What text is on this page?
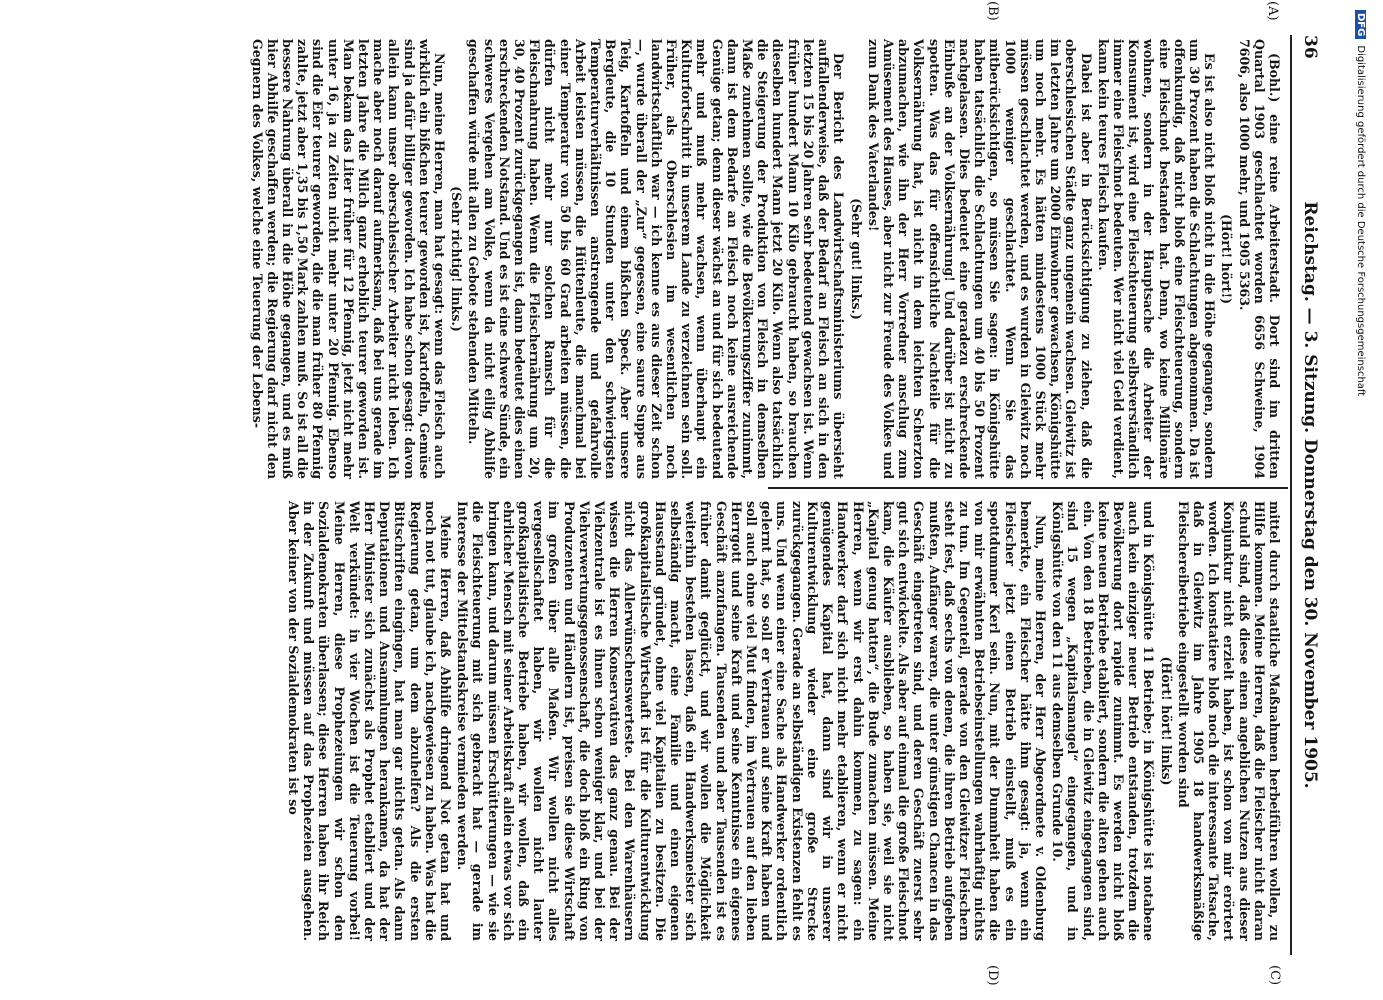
DFGDigitalisierung gefördert durch die Deutsche Forschungsgemeinschaft
36
Reichstag. — 3. Sitzung. Donnerstag den 30. November 1905.
(A)
(B)
(C)
(D)

(Bohl.) eine reine Arbeiterstadt. Dort sind im dritten Quartal 1903 geschlachtet worden 6656 Schweine, 1904 7606, also 1000 mehr, und 1905 5363.

(Hört! hört!)

Es ist also nicht bloß nicht in die Höhe gegangen, sondern um 30 Prozent haben die Schlachtungen abgenommen. Da ist offenkundig, daß nicht bloß eine Fleischteuerung, sondern eine Fleischnot bestanden hat. Denn, wo keine Millionäre wohnen, sondern in der Hauptsache die Arbeiter der Konsument ist, wird eine Fleischteuerung selbstverständlich immer eine Fleischnot bedeuten. Wer nicht viel Geld verdient, kann kein teures Fleisch kaufen.

Dabei ist aber in Berücksichtigung zu ziehen, daß die oberschlesischen Städte ganz ungemein wachsen. Gleiwitz ist im letzten Jahre um 2000 Einwohner gewachsen, Königshütte um noch mehr. Es hätten mindestens 1000 Stück mehr müssen geschlachtet werden, und es wurden in Gleiwitz noch 1000 weniger geschlachtet. Wenn Sie das mitberücksichtigen, so müssen Sie sagen: in Königshütte haben tatsächlich die Schlachtungen um 40 bis 50 Prozent nachgelassen. Dies bedeutet eine geradezu erschreckende Einbuße an der Volksernährung! Und darüber ist nicht zu spotten. Was das für offensichtliche Nachteile für die Volksernährung hat, ist nicht in dem leichten Scherzton abzumachen, wie ihn der Herr Vorredner anschlug zum Amüsement des Hauses, aber nicht zur Freude des Volkes und zum Dank des Vaterlandes!

(Sehr gut! links.)

Der Bericht des Landwirtschaftsministeriums übersieht auffallenderweise, daß der Bedarf an Fleisch an sich in den letzten 15 bis 20 Jahren sehr bedeutend gewachsen ist. Wenn früher hundert Mann 10 Kilo gebraucht haben, so brauchen dieselben hundert Mann jetzt 20 Kilo. Wenn also tatsächlich die Steigerung der Produktion von Fleisch in demselben Maße zunehmen sollte, wie die Bevölkerungsziffer zunimmt, dann ist dem Bedarfe an Fleisch noch keine ausreichende Genüge getan; denn dieser wächst an und für sich bedeutend mehr und muß mehr wachsen, wenn überhaupt ein Kulturfortschritt in unserem Lande zu verzeichnen sein soll. Früher, als Oberschlesien im wesentlichen noch landwirtschaftlich war — ich kenne es aus dieser Zeit schon —, wurde überall der „Zur“ gegessen, eine saure Suppe aus Teig, Kartoffeln und einem bißchen Speck. Aber unsere Bergleute, die 10 Stunden unter den schwierigsten Temperaturverhältnissen anstrengende und gefahrvolle Arbeit leisten müssen, die Hüttenleute, die manchmal bei einer Temperatur von 50 bis 60 Grad arbeiten müssen, die dürfen nicht mehr nur solchen Ramsch für die Fleischnahrung haben. Wenn die Fleischernährung um 20, 30, 40 Prozent zurückgegangen ist, dann bedeutet dies einen erschreckenden Notstand. Und es ist eine schwere Sünde, ein schweres Vergehen am Volke, wenn da nicht eilig Abhilfe geschaffen würde mit allen zu Gebote stehenden Mitteln.

(Sehr richtig! links.)

Nun, meine Herren, man hat gesagt: wenn das Fleisch auch wirklich ein bißchen teurer geworden ist, Kartoffeln, Gemüse sind ja dafür billiger geworden. Ich habe schon gesagt: davon allein kann unser oberschlesischer Arbeiter nicht leben. Ich mache aber noch darauf aufmerksam, daß bei uns gerade im letzten Jahre die Milch ganz erheblich teurer geworden ist. Man bekam das Liter früher für 12 Pfennig, jetzt nicht mehr unter 16, ja zu Zeiten nicht mehr unter 20 Pfennig. Ebenso sind die Eier teurer geworden, die die man früher 80 Pfennig zahlte, jetzt aber 1,35 bis 1,50 Mark zahlen muß. So ist all die bessere Nahrung überall in die Höhe gegangen, und es muß hier Abhilfe geschaffen werden; die Regierung darf nicht den Gegnern des Volkes, welche eine Teuerung der Lebens-

mittel durch staatliche Maßnahmen herbeiführen wollen, zu Hilfe kommen. Meine Herren, daß die Fleischer nicht daran schuld sind, daß diese einen angeblichen Nutzen aus dieser Konjunktur nicht erzielt haben, ist schon von mir erörtert worden. Ich konstatiere bloß noch die interessante Tatsache, daß in Gleiwitz im Jahre 1905 18 handwerksmäßige Fleischereibetriebe eingestellt worden sind

(Hört! hört! links)

und in Königshütte 11 Betriebe; in Königshütte ist notabene auch kein einziger neuer Betrieb entstanden, trotzdem die Bevölkerung dort rapide zunimmt. Es werden nicht bloß keine neuen Betriebe etabliert, sondern die alten gehen auch ein. Von den 18 Betrieben, die in Gleiwitz eingegangen sind, sind 15 wegen „Kapitalsmangel“ eingegangen, und in Königshütte von den 11 aus demselben Grunde 10.

Nun, meine Herren, der Herr Abgeordnete v. Oldenburg bemerkte, ein Fleischer hätte ihm gesagt: ja, wenn ein Fleischer jetzt einen Betrieb einstellt, muß es ein spottdummer Kerl sein. Nun, mit der Dummheit haben die von mir erwähnten Betriebseinstellungen wahrhaftig nichts zu tun. Im Gegenteil, gerade von den Gleiwitzer Fleischern steht fest, daß sechs von denen, die ihren Betrieb aufgeben mußten, Anfänger waren, die unter günstigen Chancen in das Geschäft eingetreten sind, und deren Geschäft zuerst sehr gut sich entwickelte. Als aber auf einmal die große Fleischnot kam, die Käufer ausblieben, so haben sie, weil sie nicht „Kapital genug hatten“, die Bude zumachen müssen. Meine Herren, wenn wir erst dahin kommen, zu sagen: ein Handwerker darf sich nicht mehr etablieren, wenn er nicht genügendes Kapital hat, dann sind wir in unserer Kulturentwicklung wieder eine große Strecke zurückgegangen. Gerade an selbständigen Existenzen fehlt es uns. Und wenn einer eine Sache als Handwerker ordentlich gelernt hat, so soll er Vertrauen auf seine Kraft haben und soll auch ohne viel Mut finden, im Vertrauen auf den lieben Herrgott und seine Kraft und seine Kenntnisse ein eigenes Geschäft anzufangen. Tausenden und aber Tausenden ist es früher damit geglückt, und wir wollen die Möglichkeit weiterhin bestehen lassen, daß ein Handwerksmeister sich selbständig macht, eine Familie und einen eigenen Hausstand gründet, ohne viel Kapitalien zu besitzen. Die großkapitalistische Wirtschaft ist für die Kulturentwicklung nicht das Allerwünschenswerteste. Bei den Warenhäusern wissen die Herren Konservativen das ganz genau. Bei der Viehzentrale ist es ihnen schon weniger klar, und bei der Viehverwertungsgenossenschaft, die doch bloß ein Ring von Produzenten und Händlern ist, preisen sie diese Wirtschaft im großen über alle Maßen. Wir wollen nicht alles vergesellschaftet haben, wir wollen nicht lauter großkapitalistische Betriebe haben, wir wollen, daß ein ehrlicher Mensch mit seiner Arbeitskraft allein etwas vor sich bringen kann, und darum müssen Erschütterungen — wie sie die Fleischteuerung mit sich gebracht hat — gerade im Interesse der Mittelstandskreise vermieden werden.

Meine Herren, daß Abhilfe dringend Not getan hat und noch not tut, glaube ich, nachgewiesen zu haben. Was hat die Regierung getan, um dem abzuhelfen? Als die ersten Bittschriften eingingen, hat man gar nichts getan. Als dann Deputationen und Ansammlungen herankamen, da hat der Herr Minister sich zunächst als Prophet etabliert und der Welt verkündet: in vier Wochen ist die Teuerung vorbei! Meine Herren, diese Prophezeiungen wir schon den Sozialdemokraten überlassen; diese Herren haben ihr Reich in der Zukunft und müssen auf das Prophezeien ausgehen. Aber keiner von der Sozialdemokraten ist so
